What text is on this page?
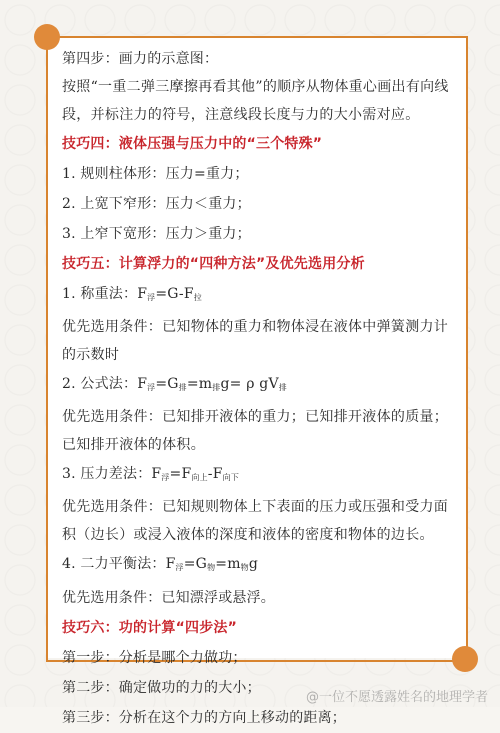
第四步：画力的示意图：
按照“一重二弹三摩擦再看其他”的顺序从物体重心画出有向线段，并标注力的符号，注意线段长度与力的大小需对应。
技巧四：液体压强与压力中的“三个特殊”
1. 规则柱体形：压力=重力；
2. 上宽下窄形：压力＜重力；
3. 上窄下宽形：压力＞重力；
技巧五：计算浮力的“四种方法”及优先选用分析
1. 称重法：$F_浮=G-F_拉$
优先选用条件：已知物体的重力和物体浸在液体中弹簧测力计的示数时
2. 公式法：$F_浮=G_排=m_排g= \rho$ $gV_排$
优先选用条件：已知排开液体的重力；已知排开液体的质量；已知排开液体的体积。
3. 压力差法：$F_浮=F_{向上}-F_{向下}$
优先选用条件：已知规则物体上下表面的压力或压强和受力面积（边长）或浸入液体的深度和液体的密度和物体的边长。
4. 二力平衡法：$F_浮=G_物=m_物g$
优先选用条件：已知漂浮或悬浮。
技巧六：功的计算“四步法”
第一步：分析是哪个力做功；
第二步：确定做功的力的大小；
第三步：分析在这个力的方向上移动的距离；
@一位不愿透露姓名的地理学者
